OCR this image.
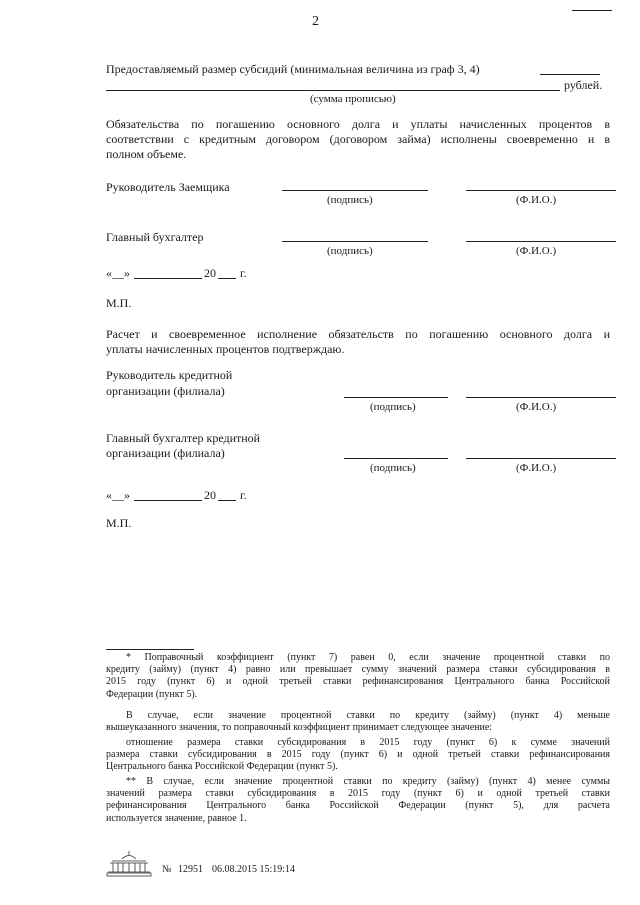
2
Предоставляемый размер субсидий (минимальная величина из граф 3, 4)
рублей.
(сумма прописью)
Обязательства по погашению основного долга и уплаты начисленных процентов в
соответствии с кредитным договором (договором займа) исполнены своевременно и в
полном объеме.
Руководитель Заемщика
(подпись)	(Ф.И.О.)
Главный бухгалтер
(подпись)	(Ф.И.О.)
«__»	20 г.
М.П.
Расчет и своевременное исполнение обязательств по погашению основного долга и
уплаты начисленных процентов подтверждаю.
Руководитель кредитной
организации (филиала)
(подпись)	(Ф.И.О.)
Главный бухгалтер кредитной
организации (филиала)
(подпись)	(Ф.И.О.)
«__»	20 г.
М.П.
* Поправочный коэффициент (пункт 7) равен 0, если значение процентной ставки по
кредиту (займу) (пункт 4) равно или превышает сумму значений размера ставки субсидирования в
2015 году (пункт 6) и одной третьей ставки рефинансирования Центрального банка Российской
Федерации (пункт 5).
В случае, если значение процентной ставки по кредиту (займу) (пункт 4) меньше
вышеуказанного значения, то поправочный коэффициент принимает следующее значение:
отношение размера ставки субсидирования в 2015 году (пункт 6) к сумме значений
размера ставки субсидирования в 2015 году (пункт 6) и одной третьей ставки рефинансирования
Центрального банка Российской Федерации (пункт 5).
** В случае, если значение процентной ставки по кредиту (займу) (пункт 4) менее суммы
значений размера ставки субсидирования в 2015 году (пункт 6) и одной третьей ставки
рефинансирования Центрального банка Российской Федерации (пункт 5), для расчета
используется значение, равное 1.
№ 12951 06.08.2015 15:19:14
